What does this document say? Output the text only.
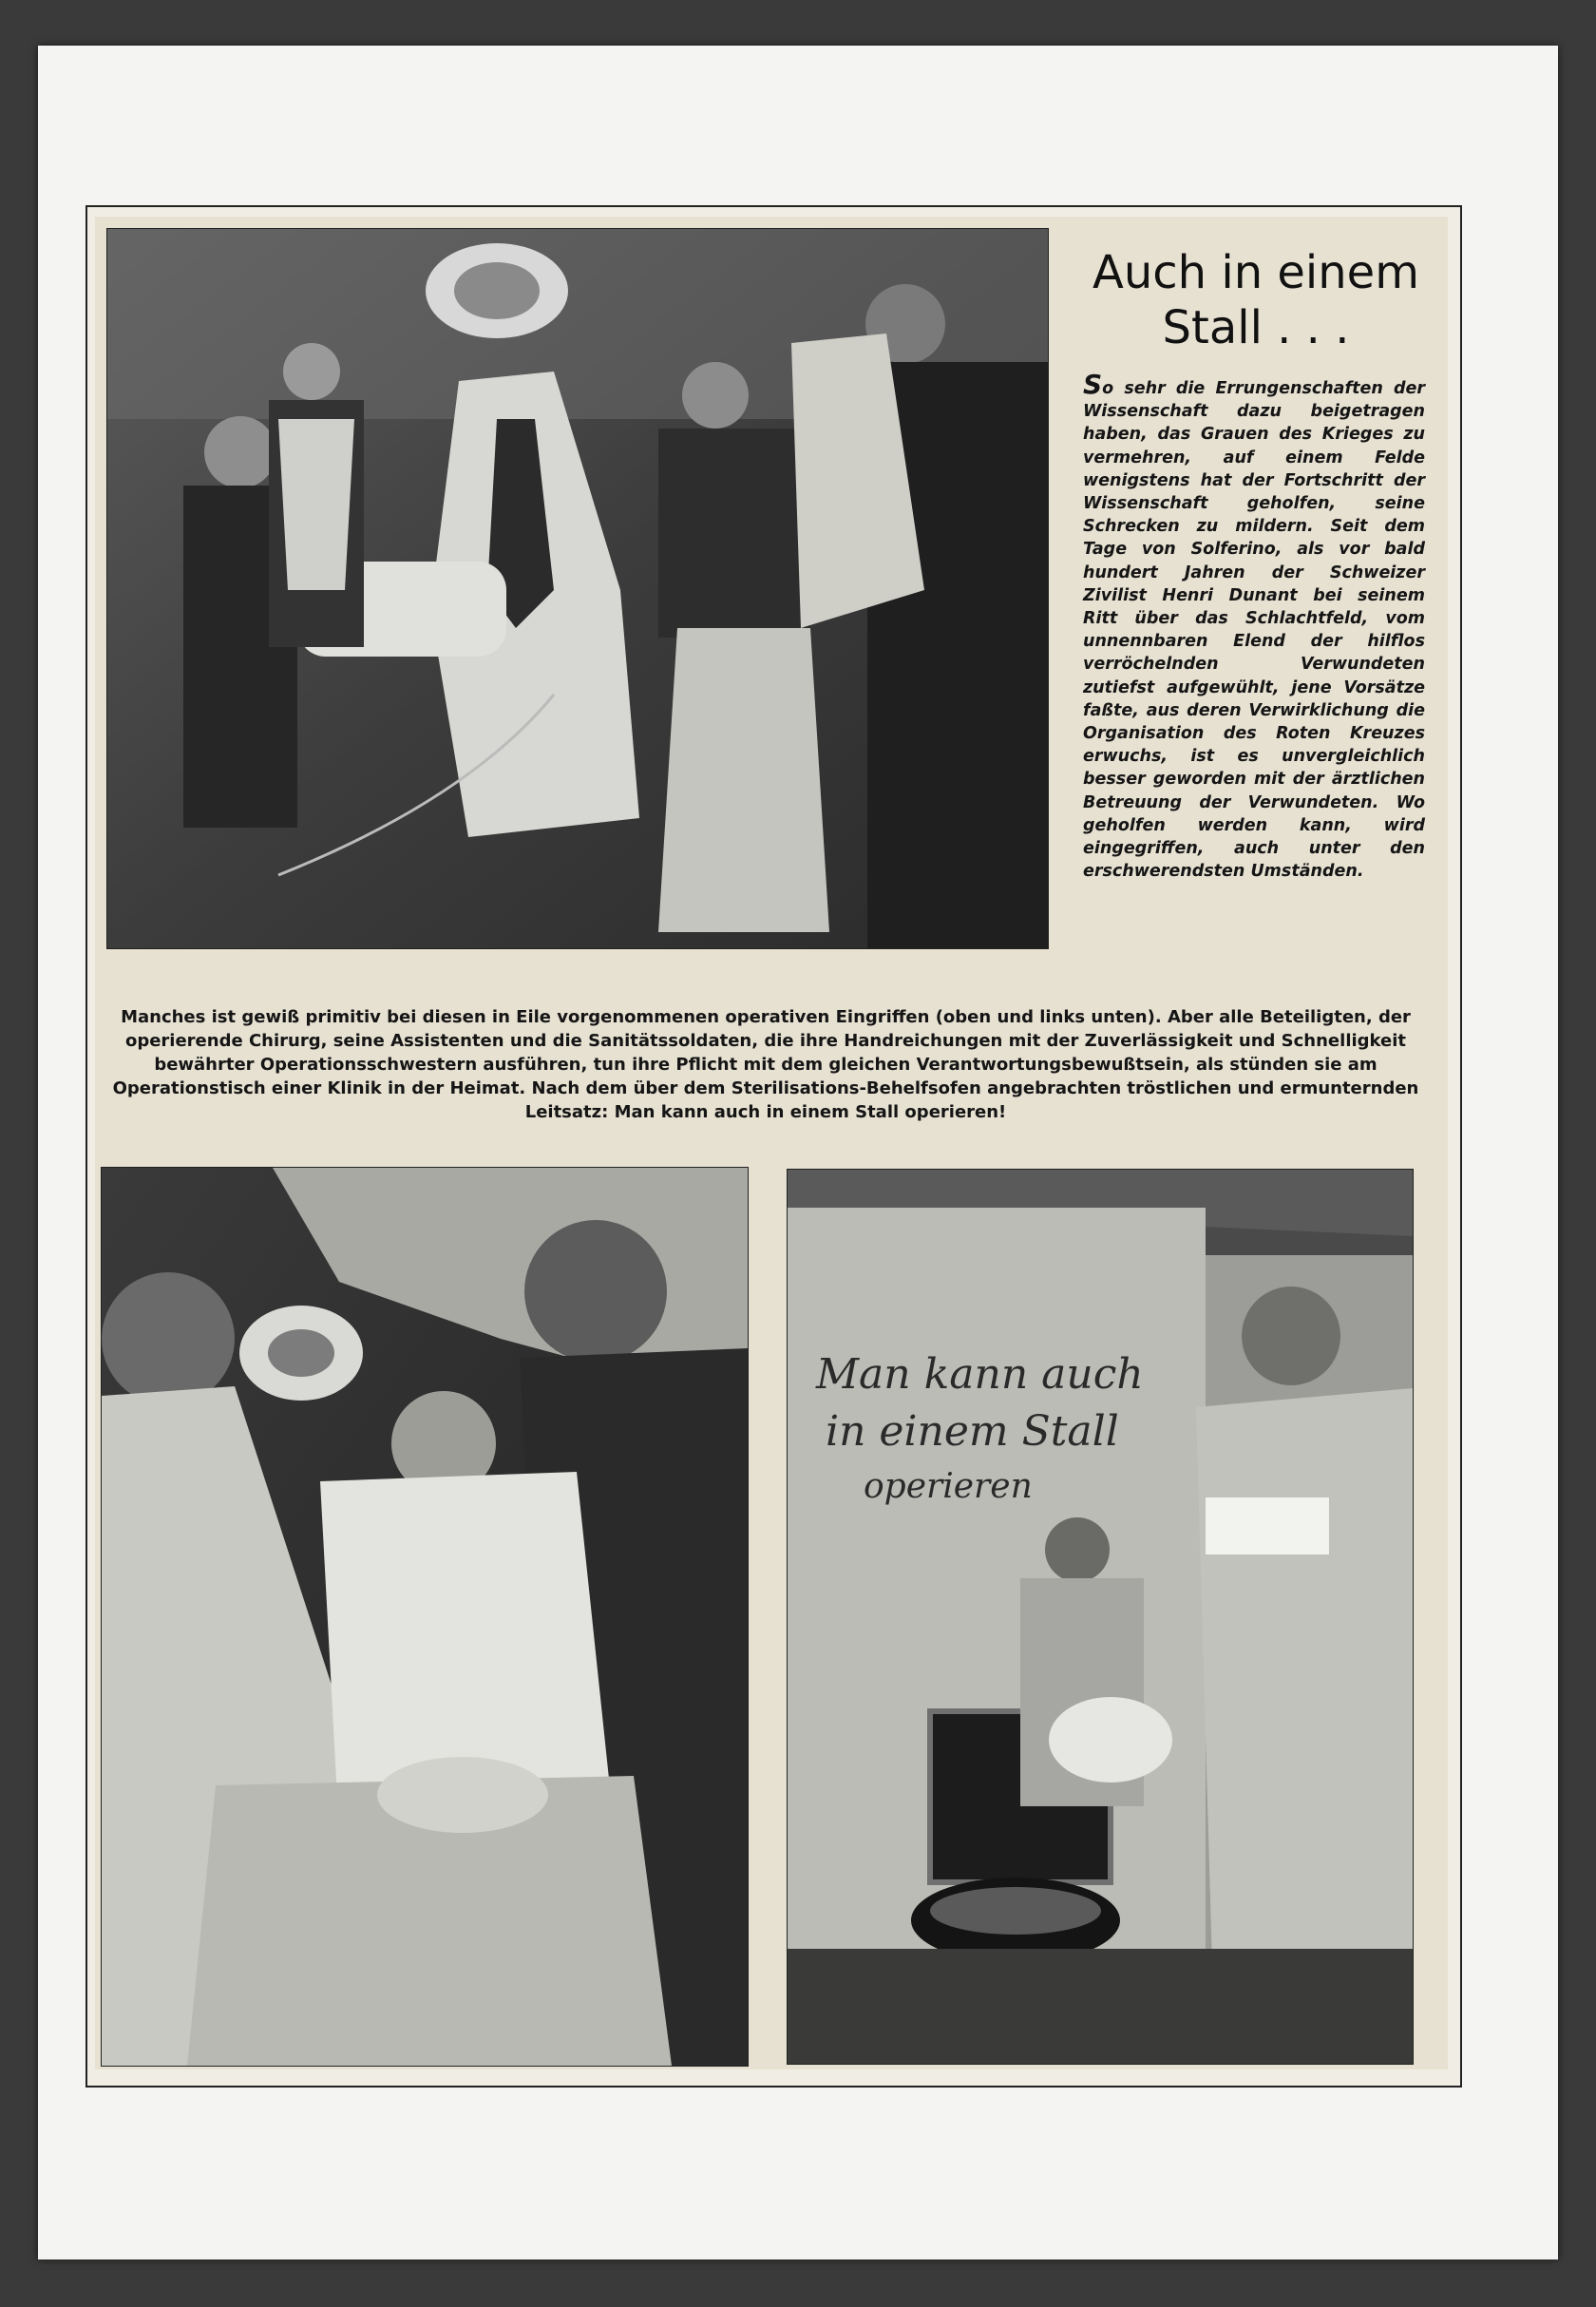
Auch in einem
Stall . . .
So sehr die Errungenschaften der Wissenschaft dazu beigetragen haben, das Grauen des Krieges zu vermehren, auf einem Felde wenigstens hat der Fortschritt der Wissenschaft geholfen, seine Schrecken zu mildern. Seit dem Tage von Solferino, als vor bald hundert Jahren der Schweizer Zivilist Henri Dunant bei seinem Ritt über das Schlachtfeld, vom unnennbaren Elend der hilflos verröchelnden Verwundeten zutiefst aufgewühlt, jene Vorsätze faßte, aus deren Verwirklichung die Organisation des Roten Kreuzes erwuchs, ist es unvergleichlich besser geworden mit der ärztlichen Betreuung der Verwundeten. Wo geholfen werden kann, wird eingegriffen, auch unter den erschwerendsten Umständen.
Manches ist gewiß primitiv bei diesen in Eile vorgenommenen operativen Eingriffen (oben und links unten). Aber alle Beteiligten, der operierende Chirurg, seine Assistenten und die Sanitätssoldaten, die ihre Handreichungen mit der Zuverlässigkeit und Schnelligkeit bewährter Operationsschwestern ausführen, tun ihre Pflicht mit dem gleichen Verantwortungsbewußtsein, als stünden sie am Operationstisch einer Klinik in der Heimat. Nach dem über dem Sterilisations-Behelfsofen angebrachten tröstlichen und ermunternden Leitsatz: Man kann auch in einem Stall operieren!
Man kann auch
in einem Stall
operieren
